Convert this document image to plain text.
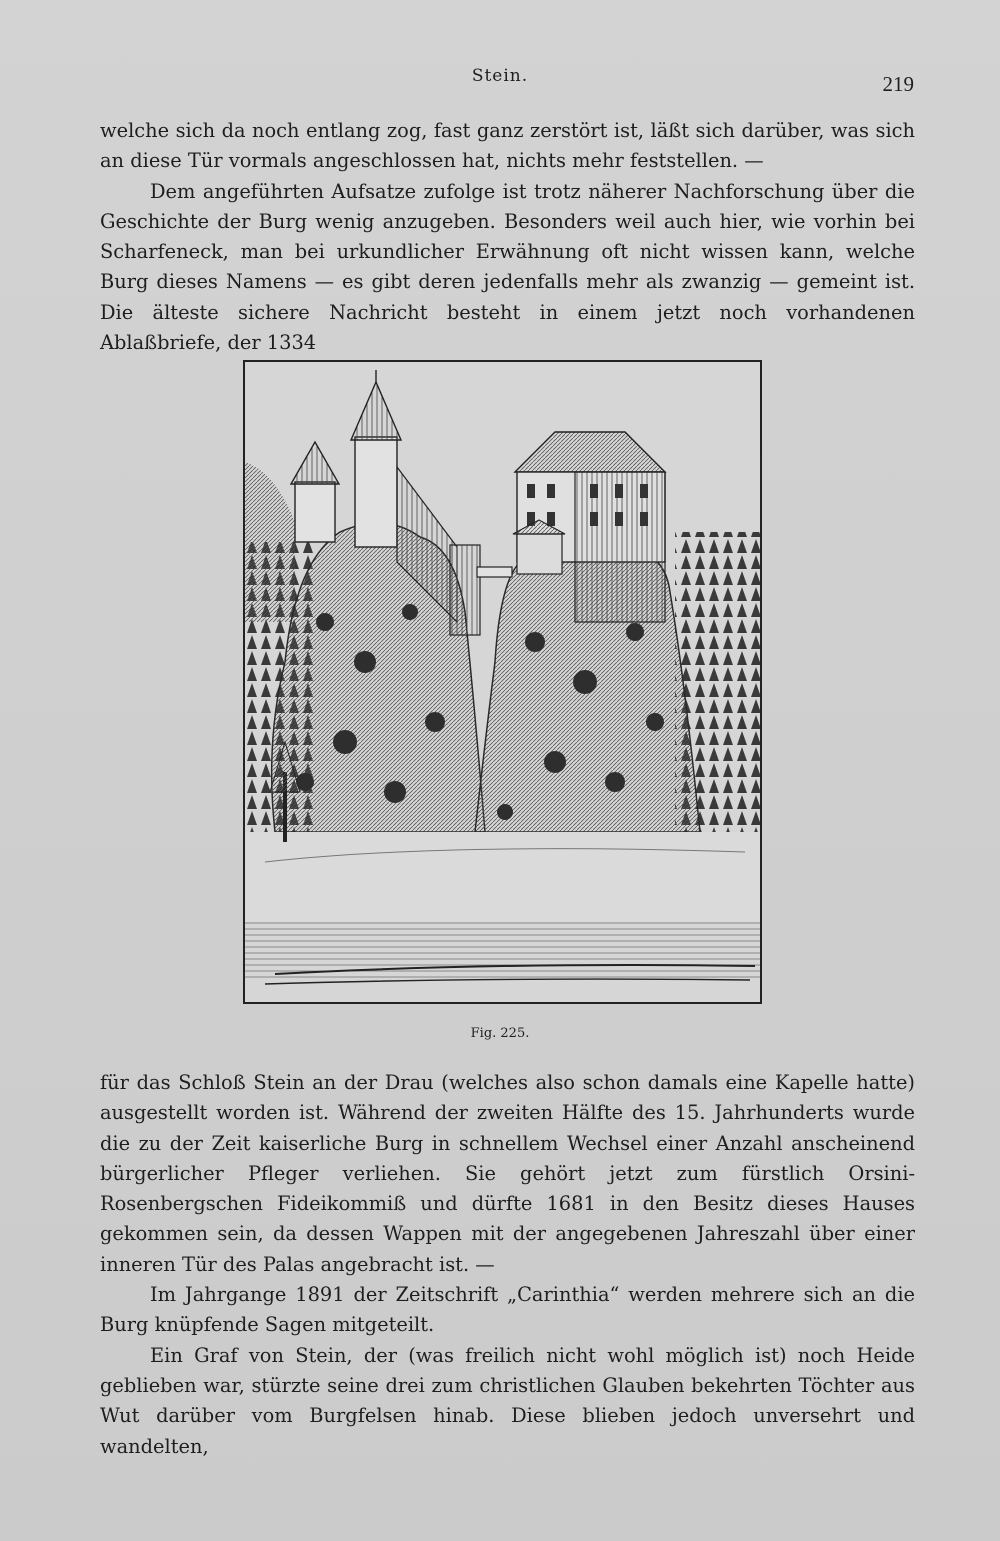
Stein.	219

welche sich da noch entlang zog, fast ganz zerstört ist, läßt sich darüber, was sich an diese Tür vormals angeschlossen hat, nichts mehr feststellen. —

Dem angeführten Aufsatze zufolge ist trotz näherer Nachforschung über die Geschichte der Burg wenig anzugeben. Besonders weil auch hier, wie vorhin bei Scharfeneck, man bei urkundlicher Erwähnung oft nicht wissen kann, welche Burg dieses Namens — es gibt deren jedenfalls mehr als zwanzig — gemeint ist. Die älteste sichere Nachricht besteht in einem jetzt noch vorhandenen Ablaßbriefe, der 1334

Fig. 225.

für das Schloß Stein an der Drau (welches also schon damals eine Kapelle hatte) ausgestellt worden ist. Während der zweiten Hälfte des 15. Jahrhunderts wurde die zu der Zeit kaiserliche Burg in schnellem Wechsel einer Anzahl anscheinend bürgerlicher Pfleger verliehen. Sie gehört jetzt zum fürstlich Orsini-Rosenbergschen Fideikommiß und dürfte 1681 in den Besitz dieses Hauses gekommen sein, da dessen Wappen mit der angegebenen Jahreszahl über einer inneren Tür des Palas angebracht ist. —

Im Jahrgange 1891 der Zeitschrift „Carinthia“ werden mehrere sich an die Burg knüpfende Sagen mitgeteilt.

Ein Graf von Stein, der (was freilich nicht wohl möglich ist) noch Heide geblieben war, stürzte seine drei zum christlichen Glauben bekehrten Töchter aus Wut darüber vom Burgfelsen hinab. Diese blieben jedoch unversehrt und wandelten,
